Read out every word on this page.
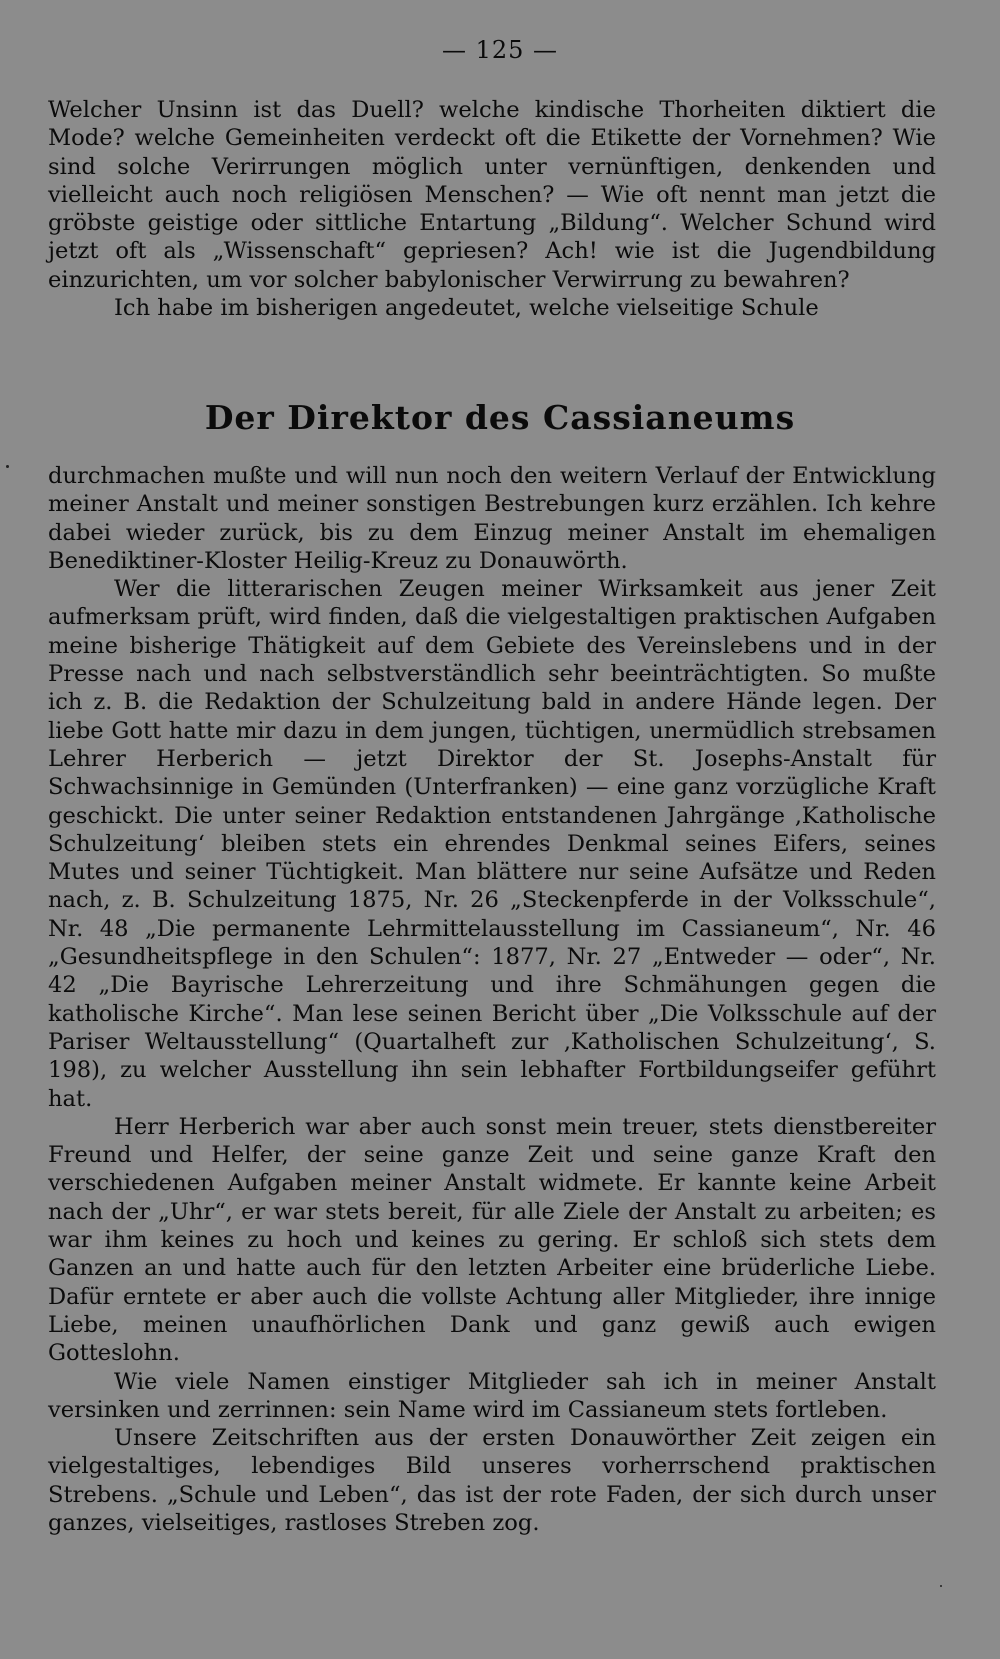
— 125 —

Welcher Unsinn ist das Duell? welche kindische Thorheiten diktiert die Mode? welche Gemeinheiten verdeckt oft die Etikette der Vornehmen? Wie sind solche Verirrungen möglich unter vernünftigen, denkenden und vielleicht auch noch religiösen Menschen? — Wie oft nennt man jetzt die gröbste geistige oder sittliche Entartung „Bildung“. Welcher Schund wird jetzt oft als „Wissenschaft“ gepriesen? Ach! wie ist die Jugendbildung einzurichten, um vor solcher babylonischer Verwirrung zu bewahren?

Ich habe im bisherigen angedeutet, welche vielseitige Schule

Der Direktor des Cassianeums

durchmachen mußte und will nun noch den weitern Verlauf der Entwicklung meiner Anstalt und meiner sonstigen Bestrebungen kurz erzählen. Ich kehre dabei wieder zurück, bis zu dem Einzug meiner Anstalt im ehemaligen Benediktiner-Kloster Heilig-Kreuz zu Donauwörth.

Wer die litterarischen Zeugen meiner Wirksamkeit aus jener Zeit aufmerksam prüft, wird finden, daß die vielgestaltigen praktischen Aufgaben meine bisherige Thätigkeit auf dem Gebiete des Vereinslebens und in der Presse nach und nach selbstverständlich sehr beeinträchtigten. So mußte ich z. B. die Redaktion der Schulzeitung bald in andere Hände legen. Der liebe Gott hatte mir dazu in dem jungen, tüchtigen, unermüdlich strebsamen Lehrer Herberich — jetzt Direktor der St. Josephs-Anstalt für Schwachsinnige in Gemünden (Unterfranken) — eine ganz vorzügliche Kraft geschickt. Die unter seiner Redaktion entstandenen Jahrgänge ‚Katholische Schulzeitung‘ bleiben stets ein ehrendes Denkmal seines Eifers, seines Mutes und seiner Tüchtigkeit. Man blättere nur seine Aufsätze und Reden nach, z. B. Schulzeitung 1875, Nr. 26 „Steckenpferde in der Volksschule“, Nr. 48 „Die permanente Lehrmittelausstellung im Cassianeum“, Nr. 46 „Gesundheitspflege in den Schulen“: 1877, Nr. 27 „Entweder — oder“, Nr. 42 „Die Bayrische Lehrerzeitung und ihre Schmähungen gegen die katholische Kirche“. Man lese seinen Bericht über „Die Volksschule auf der Pariser Weltausstellung“ (Quartalheft zur ‚Katholischen Schulzeitung‘, S. 198), zu welcher Ausstellung ihn sein lebhafter Fortbildungseifer geführt hat.

Herr Herberich war aber auch sonst mein treuer, stets dienstbereiter Freund und Helfer, der seine ganze Zeit und seine ganze Kraft den verschiedenen Aufgaben meiner Anstalt widmete. Er kannte keine Arbeit nach der „Uhr“, er war stets bereit, für alle Ziele der Anstalt zu arbeiten; es war ihm keines zu hoch und keines zu gering. Er schloß sich stets dem Ganzen an und hatte auch für den letzten Arbeiter eine brüderliche Liebe. Dafür erntete er aber auch die vollste Achtung aller Mitglieder, ihre innige Liebe, meinen unaufhörlichen Dank und ganz gewiß auch ewigen Gotteslohn.

Wie viele Namen einstiger Mitglieder sah ich in meiner Anstalt versinken und zerrinnen: sein Name wird im Cassianeum stets fortleben.

Unsere Zeitschriften aus der ersten Donauwörther Zeit zeigen ein vielgestaltiges, lebendiges Bild unseres vorherrschend praktischen Strebens. „Schule und Leben“, das ist der rote Faden, der sich durch unser ganzes, vielseitiges, rastloses Streben zog.
